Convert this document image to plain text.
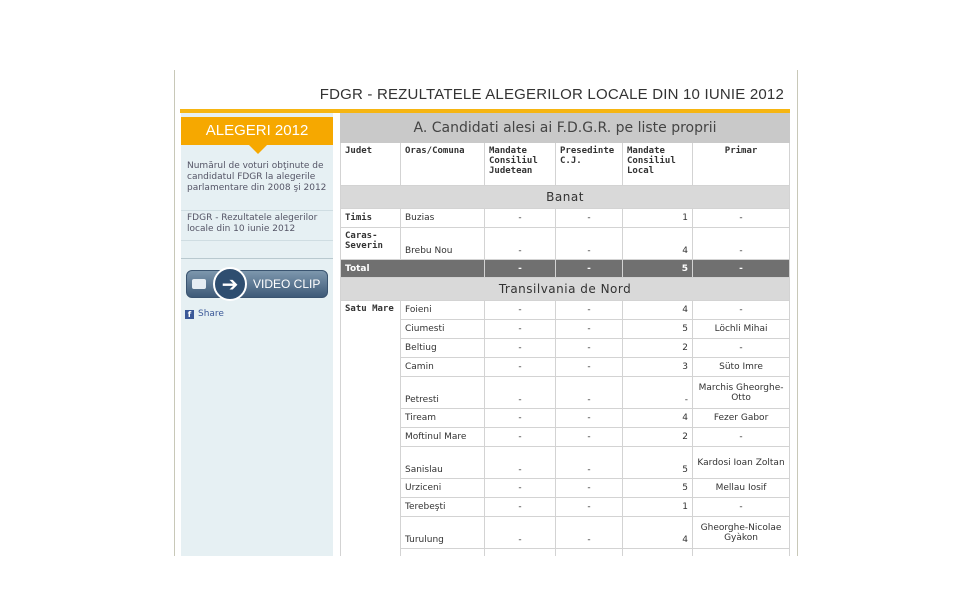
FDGR - REZULTATELE ALEGERILOR LOCALE DIN 10 IUNIE 2012
ALEGERI 2012
Numărul de voturi obţinute de candidatul FDGR la alegerile parlamentare din 2008 şi 2012
FDGR - Rezultatele alegerilor locale din 10 iunie 2012
➔	VIDEO CLIP
f Share
A. Candidati alesi ai F.D.G.R. pe liste proprii					
Judet	Oras/Comuna	Mandate Consiliul Judetean	Presedinte C.J.	Mandate Consiliul Local	Primar
Banat					
Timis	Buzias	-	-	1	-
Caras-Severin	Brebu Nou	-	-	4	-
Total		-	-	5	-
Transilvania de Nord					
Satu Mare	Foieni	-	-	4	-
	Ciumesti	-	-	5	Löchli Mihai
	Beltiug	-	-	2	-
	Camin	-	-	3	Süto Imre
	Petresti	-	-	-	Marchis Gheorghe-Otto
	Tiream	-	-	4	Fezer Gabor
	Moftinul Mare	-	-	2	-
	Sanislau	-	-	5	Kardosi Ioan Zoltan
	Urziceni	-	-	5	Mellau Iosif
	Terebeşti	-	-	1	-
	Turulung	-	-	4	Gheorghe-Nicolae Gyàkon
